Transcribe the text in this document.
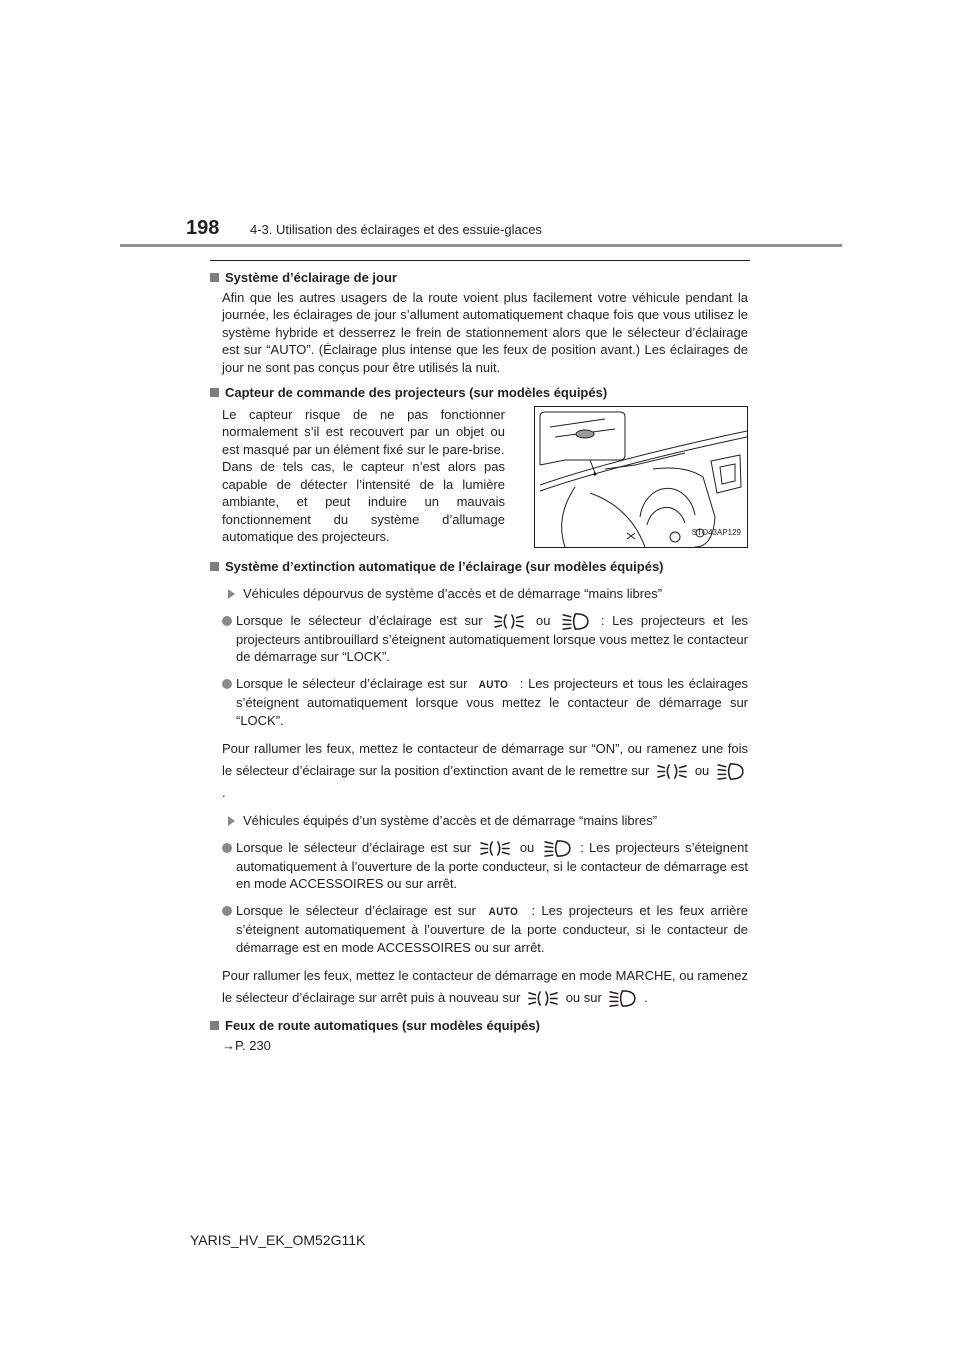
198 4-3. Utilisation des éclairages et des essuie-glaces
Système d’éclairage de jour
Afin que les autres usagers de la route voient plus facilement votre véhicule pendant la journée, les éclairages de jour s’allument automatiquement chaque fois que vous utilisez le système hybride et desserrez le frein de stationnement alors que le sélecteur d’éclairage est sur “AUTO”. (Éclairage plus intense que les feux de position avant.) Les éclairages de jour ne sont pas conçus pour être utilisés la nuit.
Capteur de commande des projecteurs (sur modèles équipés)
Le capteur risque de ne pas fonctionner normalement s’il est recouvert par un objet ou est masqué par un élément fixé sur le pare-brise.
Dans de tels cas, le capteur n’est alors pas capable de détecter l’intensité de la lumière ambiante, et peut induire un mauvais fonctionnement du système d’allumage automatique des projecteurs.	STO43AP129
Système d’extinction automatique de l’éclairage (sur modèles équipés)
Véhicules dépourvus de système d’accès et de démarrage “mains libres”
Lorsque le sélecteur d’éclairage est sur	ou	: Les projecteurs et les projecteurs antibrouillard s’éteignent automatiquement lorsque vous mettez le contacteur de démarrage sur “LOCK”.
Lorsque le sélecteur d’éclairage est sur AUTO : Les projecteurs et tous les éclairages s’éteignent automatiquement lorsque vous mettez le contacteur de démarrage sur “LOCK”.
Pour rallumer les feux, mettez le contacteur de démarrage sur “ON”, ou ramenez une fois le sélecteur d’éclairage sur la position d’extinction avant de le remettre sur	ou  .
Véhicules équipés d’un système d’accès et de démarrage “mains libres”
Lorsque le sélecteur d’éclairage est sur	ou	: Les projecteurs s’éteignent automatiquement à l’ouverture de la porte conducteur, si le contacteur de démarrage est en mode ACCESSOIRES ou sur arrêt.
Lorsque le sélecteur d’éclairage est sur AUTO : Les projecteurs et les feux arrière s’éteignent automatiquement à l’ouverture de la porte conducteur, si le contacteur de démarrage est en mode ACCESSOIRES ou sur arrêt.
Pour rallumer les feux, mettez le contacteur de démarrage en mode MARCHE, ou ramenez le sélecteur d’éclairage sur arrêt puis à nouveau sur	ou sur	.
Feux de route automatiques (sur modèles équipés)
→P. 230
YARIS_HV_EK_OM52G11K
